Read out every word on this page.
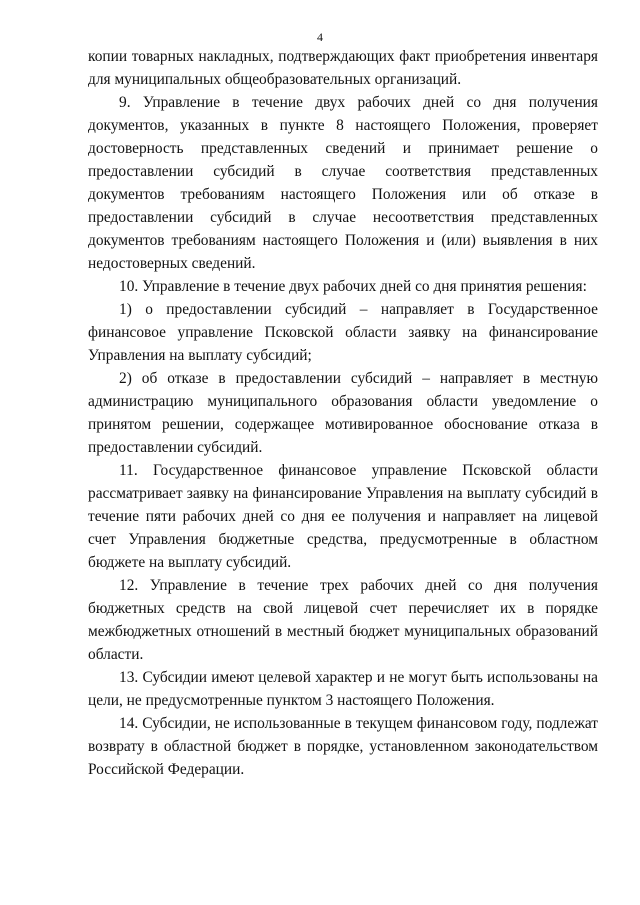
4

копии товарных накладных, подтверждающих факт приобретения инвентаря для муниципальных общеобразовательных организаций.

9. Управление в течение двух рабочих дней со дня получения документов, указанных в пункте 8 настоящего Положения, проверяет достоверность представленных сведений и принимает решение о предоставлении субсидий в случае соответствия представленных документов требованиям настоящего Положения или об отказе в предоставлении субсидий в случае несоответствия представленных документов требованиям настоящего Положения и (или) выявления в них недостоверных сведений.

10. Управление в течение двух рабочих дней со дня принятия решения:

1) о предоставлении субсидий – направляет в Государственное финансовое управление Псковской области заявку на финансирование Управления на выплату субсидий;

2) об отказе в предоставлении субсидий – направляет в местную администрацию муниципального образования области уведомление о принятом решении, содержащее мотивированное обоснование отказа в предоставлении субсидий.

11. Государственное финансовое управление Псковской области рассматривает заявку на финансирование Управления на выплату субсидий в течение пяти рабочих дней со дня ее получения и направляет на лицевой счет Управления бюджетные средства, предусмотренные в областном бюджете на выплату субсидий.

12. Управление в течение трех рабочих дней со дня получения бюджетных средств на свой лицевой счет перечисляет их в порядке межбюджетных отношений в местный бюджет муниципальных образований области.

13. Субсидии имеют целевой характер и не могут быть использованы на цели, не предусмотренные пунктом 3 настоящего Положения.

14. Субсидии, не использованные в текущем финансовом году, подлежат возврату в областной бюджет в порядке, установленном законодательством Российской Федерации.
